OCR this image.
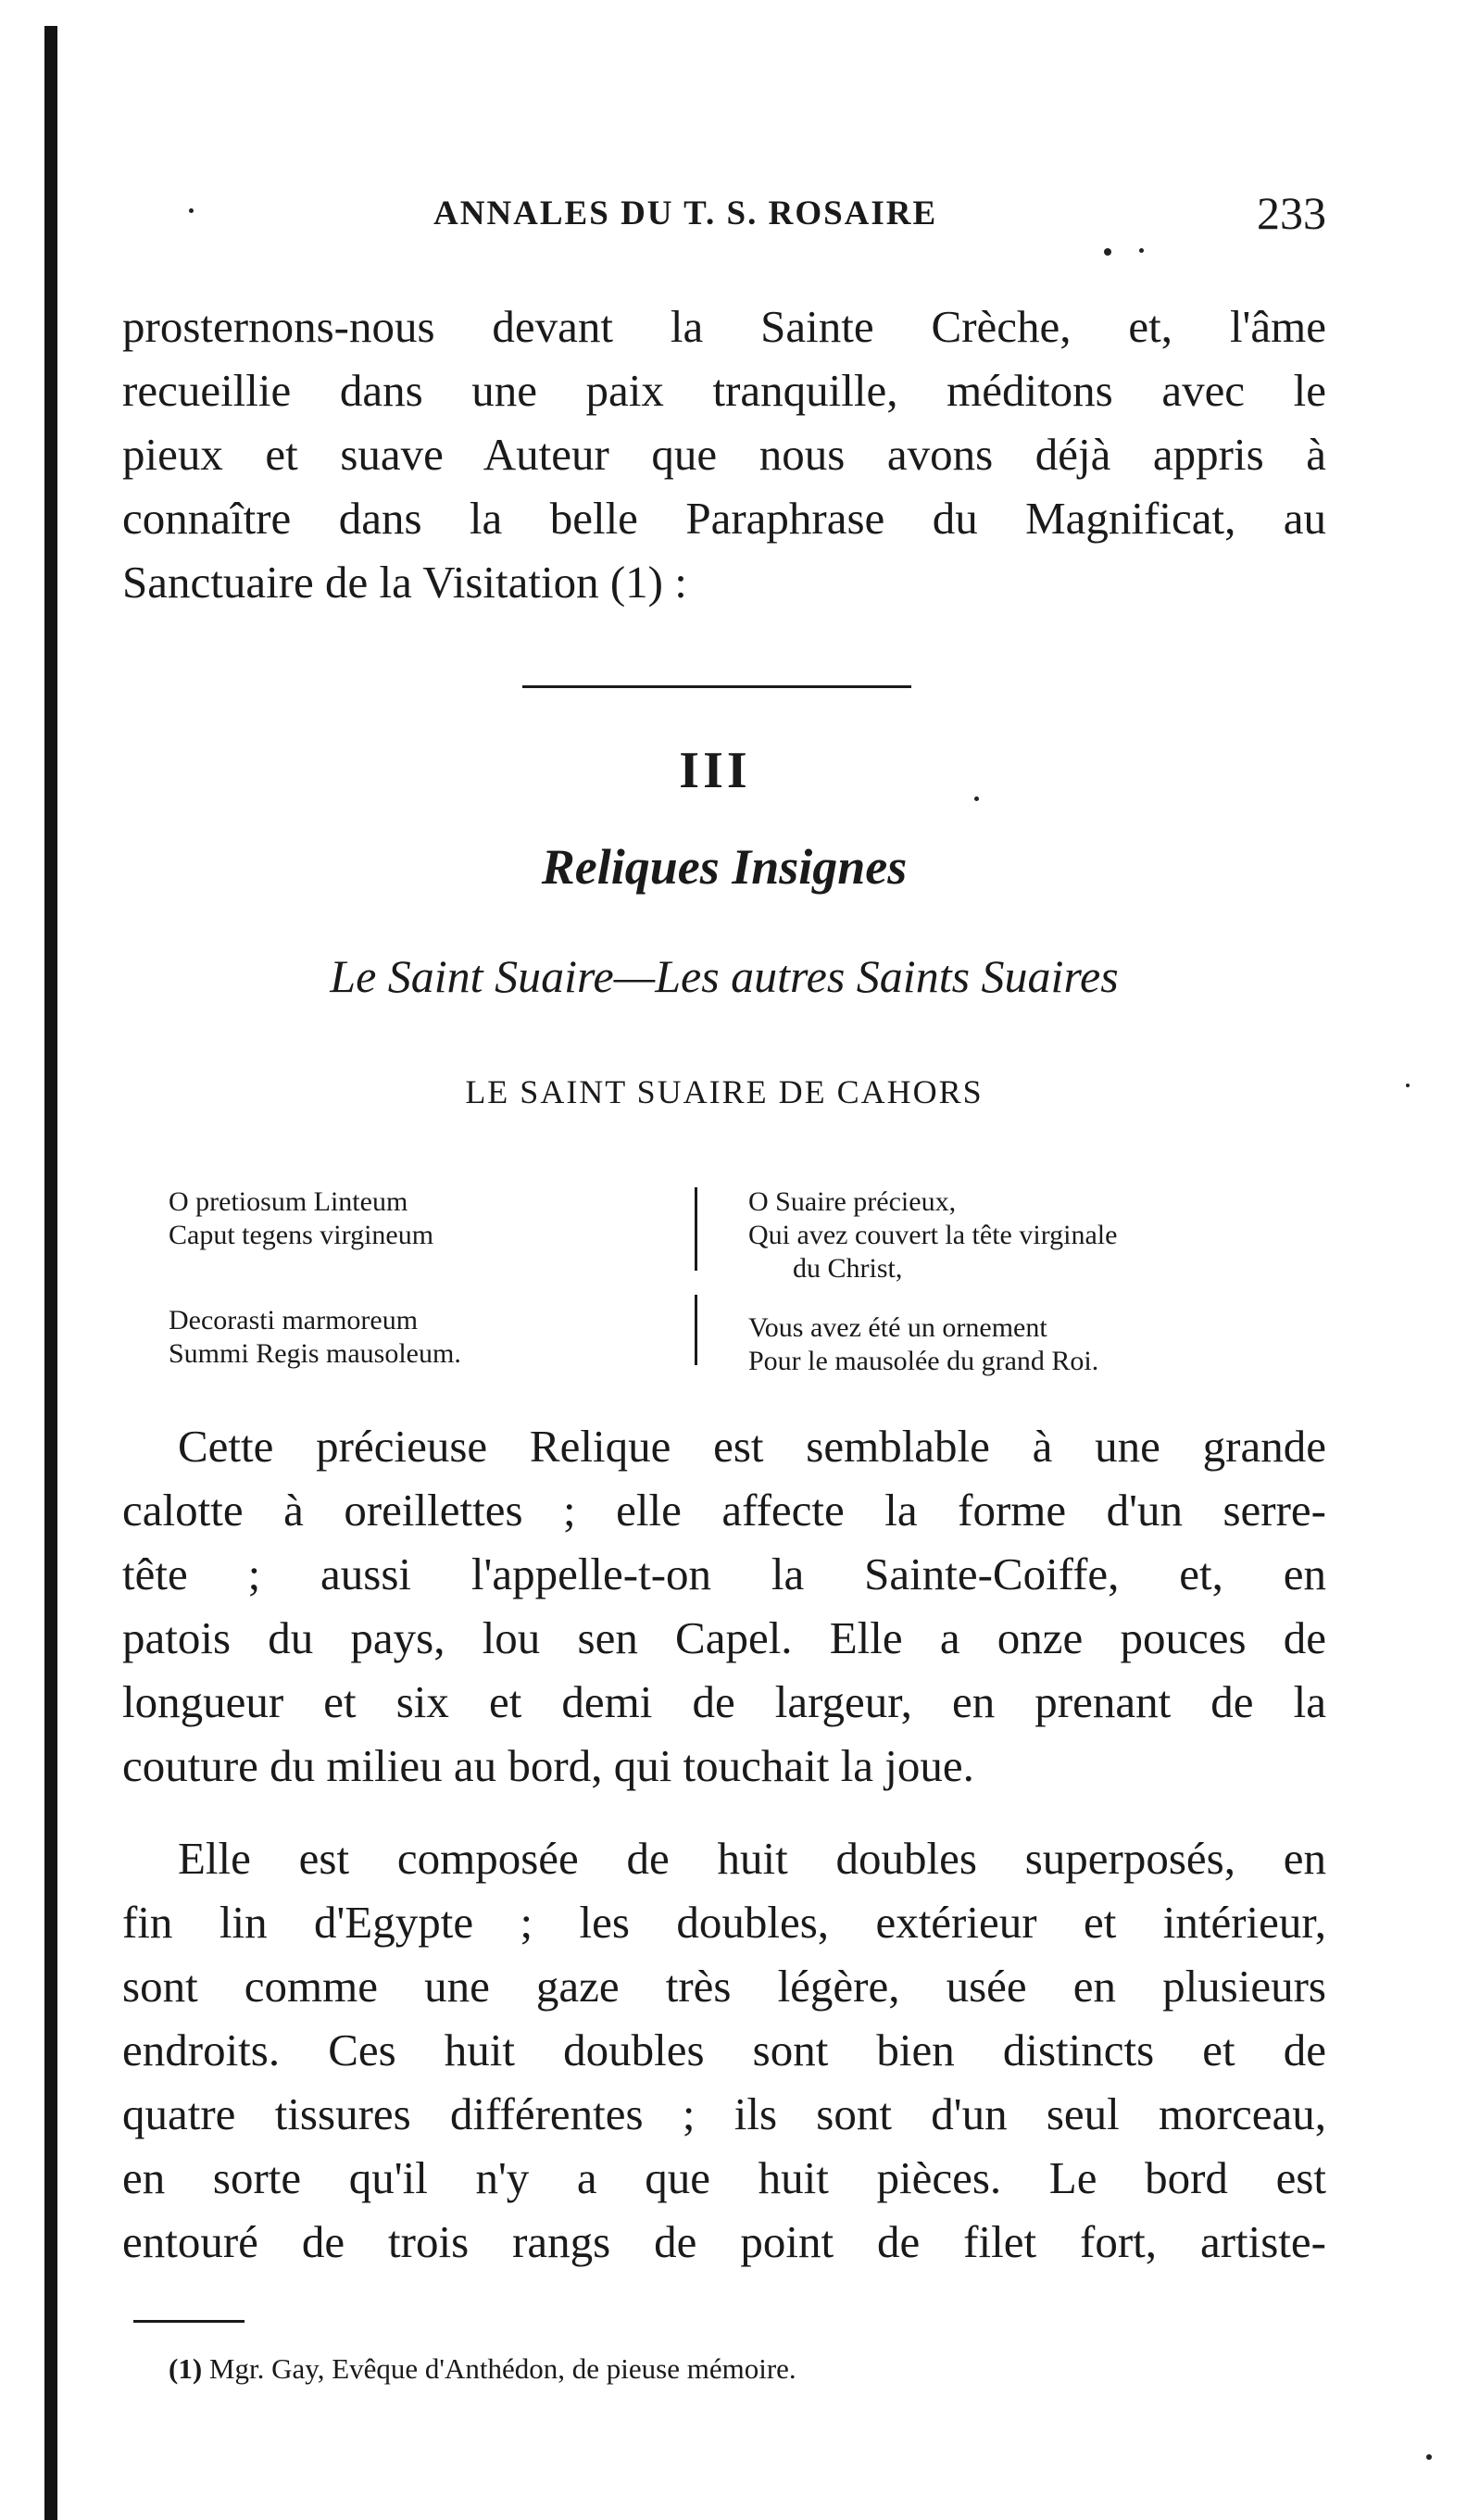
ANNALES DU T. S. ROSAIRE	233

prosternons-nous devant la Sainte Crèche, et, l'âme
recueillie dans une paix tranquille, méditons avec le
pieux et suave Auteur que nous avons déjà appris à
connaître dans la belle Paraphrase du Magnificat, au
Sanctuaire de la Visitation (1) :

III
Reliques Insignes
Le Saint Suaire—Les autres Saints Suaires
LE SAINT SUAIRE DE CAHORS
O pretiosum Linteum
Caput tegens virgineum
Decorasti marmoreum
Summi Regis mausoleum.
O Suaire précieux,
Qui avez couvert la tête virginale
du Christ,
Vous avez été un ornement
Pour le mausolée du grand Roi.

Cette précieuse Relique est semblable à une grande
calotte à oreillettes ; elle affecte la forme d'un serre-
tête ; aussi l'appelle-t-on la Sainte-Coiffe, et, en
patois du pays, lou sen Capel. Elle a onze pouces de
longueur et six et demi de largeur, en prenant de la
couture du milieu au bord, qui touchait la joue.

Elle est composée de huit doubles superposés, en
fin lin d'Egypte ; les doubles, extérieur et intérieur,
sont comme une gaze très légère, usée en plusieurs
endroits. Ces huit doubles sont bien distincts et de
quatre tissures différentes ; ils sont d'un seul morceau,
en sorte qu'il n'y a que huit pièces. Le bord est
entouré de trois rangs de point de filet fort, artiste-

(1) Mgr. Gay, Evêque d'Anthédon, de pieuse mémoire.
